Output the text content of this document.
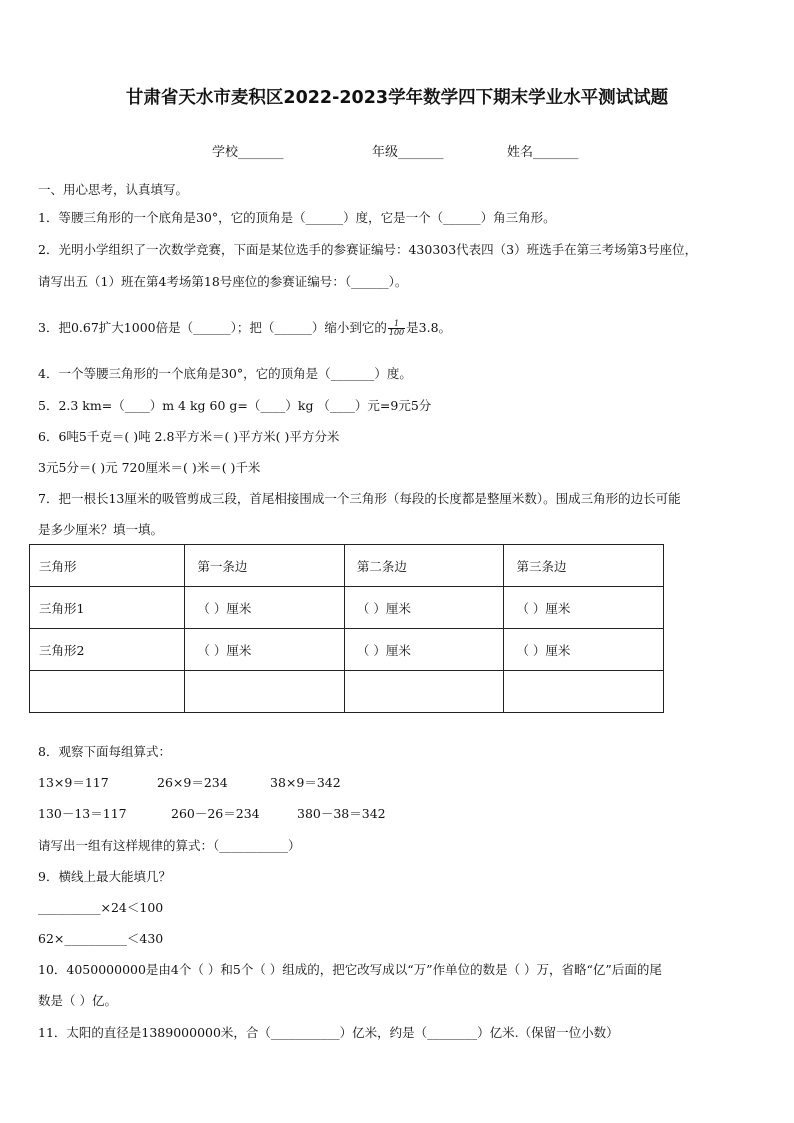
甘肃省天水市麦积区2022-2023学年数学四下期末学业水平测试试题
学校_______	年级_______	姓名_______
一、用心思考，认真填写。
1．等腰三角形的一个底角是30°，它的顶角是（______）度，它是一个（______）角三角形。
2．光明小学组织了一次数学竞赛，下面是某位选手的参赛证编号：430303代表四（3）班选手在第三考场第3号座位，
请写出五（1）班在第4考场第18号座位的参赛证编号：（______）。
3．把0.67扩大1000倍是（______）；把（______）缩小到它的 $\frac{1}{100}$ 是3.8。
4．一个等腰三角形的一个底角是30°，它的顶角是（_______）度。
5．2.3 km=（____）m 4 kg 60 g=（____）kg （____）元=9元5分
6．6吨5千克＝( )吨 2.8平方米＝( )平方米( )平方分米
3元5分＝( )元 720厘米＝( )米＝( )千米
7．把一根长13厘米的吸管剪成三段，首尾相接围成一个三角形（每段的长度都是整厘米数）。围成三角形的边长可能
是多少厘米？填一填。
三角形	第一条边	第二条边	第三条边
三角形1	（ ）厘米	（ ）厘米	（ ）厘米
三角形2	（ ）厘米	（ ）厘米	（ ）厘米

8．观察下面每组算式：
13×9＝117	26×9＝234	38×9＝342
130－13＝117	260－26＝234	380－38＝342
请写出一组有这样规律的算式：（___________）
9．横线上最大能填几？
__________×24＜100
62×__________＜430
10．4050000000是由4个（ ）和5个（ ）组成的，把它改写成以“万”作单位的数是（ ）万，省略“亿”后面的尾
数是（ ）亿。
11．太阳的直径是1389000000米，合（___________）亿米，约是（________）亿米.（保留一位小数）
